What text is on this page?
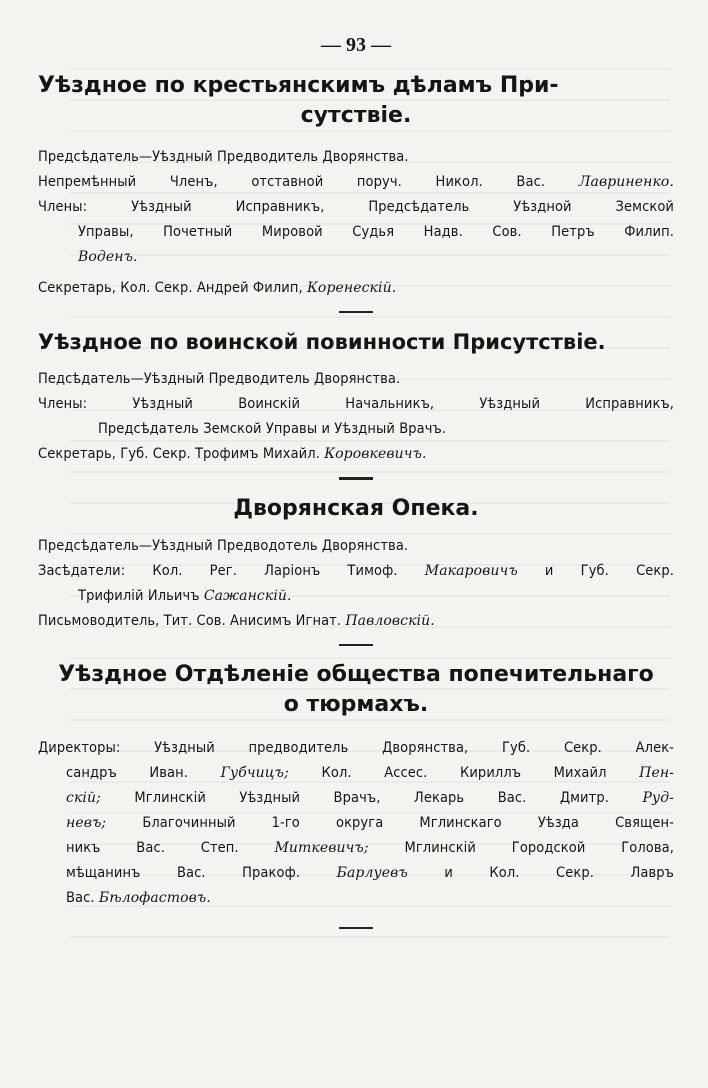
— 93 —
Уѣздное по крестьянскимъ дѣламъ При-
сутствіе.

Предсѣдатель—Уѣздный Предводитель Дворянства.

Непремѣнный Членъ, отставной поруч. Никол. Вас. Лавриненко.

Члены: Уѣздный Исправникъ, Предсѣдатель Уѣздной Земской

Управы, Почетный Мировой Судья Надв. Сов. Петръ Филип.

Воденъ.

Секретарь, Кол. Секр. Андрей Филип, Коренескій.

Уѣздное по воинской повинности Присутствіе.

Педсѣдатель—Уѣздный Предводитель Дворянства.

Члены: Уѣздный Воинскій Начальникъ, Уѣздный Исправникъ,

Предсѣдатель Земской Управы и Уѣздный Врачъ.

Секретарь, Губ. Секр. Трофимъ Михайл. Коровкевичъ.

Дворянская Опека.

Предсѣдатель—Уѣздный Предводотель Дворянства.

Засѣдатели: Кол. Рег. Ларіонъ Тимоф. Макаровичъ и Губ. Секр.

Трифилій Ильичъ Сажанскій.

Письмоводитель, Тит. Сов. Анисимъ Игнат. Павловскій.

Уѣздное Отдѣленіе общества попечительнаго
о тюрмахъ.

Директоры: Уѣздный предводитель Дворянства, Губ. Секр. Алек-

сандръ Иван. Губчицъ; Кол. Ассес. Кириллъ Михайл Пен-

скій; Мглинскій Уѣздный Врачъ, Лекарь Вас. Дмитр. Руд-

невъ; Благочинный 1-го округа Мглинскаго Уѣзда Священ-

никъ Вас. Степ.	Миткевичъ; Мглинскій Городской Голова,

мѣщанинъ Вас. Пракоф.	Барлуевъ	и Кол. Секр. Лавръ

Вас. Бѣлофастовъ.
